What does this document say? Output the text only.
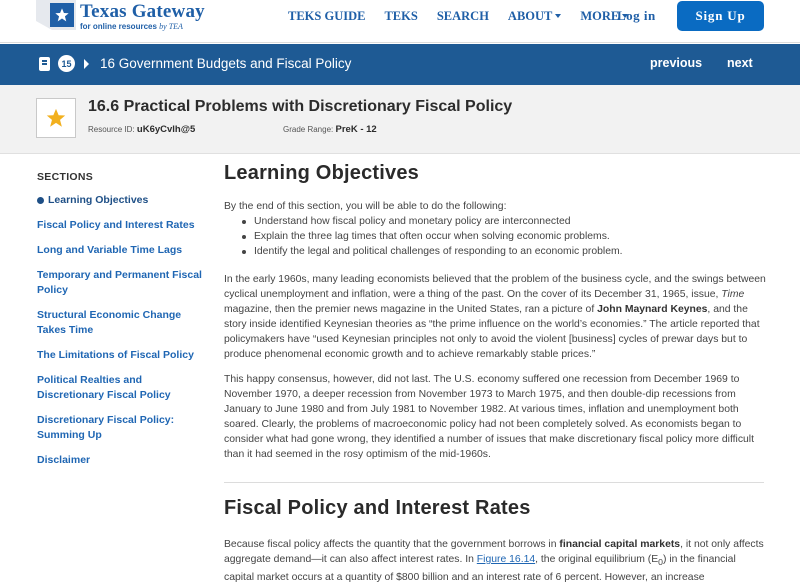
Texas Gateway
for online resources by TEA
TEKS GUIDE TEKS SEARCH ABOUT MORE
Log in	Sign Up
15 16 Government Budgets and Fiscal Policy	previous next
16.6 Practical Problems with Discretionary Fiscal Policy
Resource ID: uK6yCvlh@5	Grade Range: PreK - 12
SECTIONS
Learning Objectives
Fiscal Policy and Interest Rates
Long and Variable Time Lags
Temporary and Permanent Fiscal Policy
Structural Economic Change Takes Time
The Limitations of Fiscal Policy
Political Realties and Discretionary Fiscal Policy
Discretionary Fiscal Policy: Summing Up
Disclaimer
Learning Objectives
By the end of this section, you will be able to do the following:
Understand how fiscal policy and monetary policy are interconnected
Explain the three lag times that often occur when solving economic problems.
Identify the legal and political challenges of responding to an economic problem.
In the early 1960s, many leading economists believed that the problem of the business cycle, and the swings between cyclical unemployment and inflation, were a thing of the past. On the cover of its December 31, 1965, issue, Time magazine, then the premier news magazine in the United States, ran a picture of John Maynard Keynes, and the story inside identified Keynesian theories as “the prime influence on the world’s economies.” The article reported that policymakers have “used Keynesian principles not only to avoid the violent [business] cycles of prewar days but to produce phenomenal economic growth and to achieve remarkably stable prices.”
This happy consensus, however, did not last. The U.S. economy suffered one recession from December 1969 to November 1970, a deeper recession from November 1973 to March 1975, and then double-dip recessions from January to June 1980 and from July 1981 to November 1982. At various times, inflation and unemployment both soared. Clearly, the problems of macroeconomic policy had not been completely solved. As economists began to consider what had gone wrong, they identified a number of issues that make discretionary fiscal policy more difficult than it had seemed in the rosy optimism of the mid-1960s.
Fiscal Policy and Interest Rates
Because fiscal policy affects the quantity that the government borrows in financial capital markets, it not only affects aggregate demand—it can also affect interest rates. In Figure 16.14, the original equilibrium $(E_0)$ in the financial capital market occurs at a quantity of $800 billion and an interest rate of 6 percent. However, an increase
